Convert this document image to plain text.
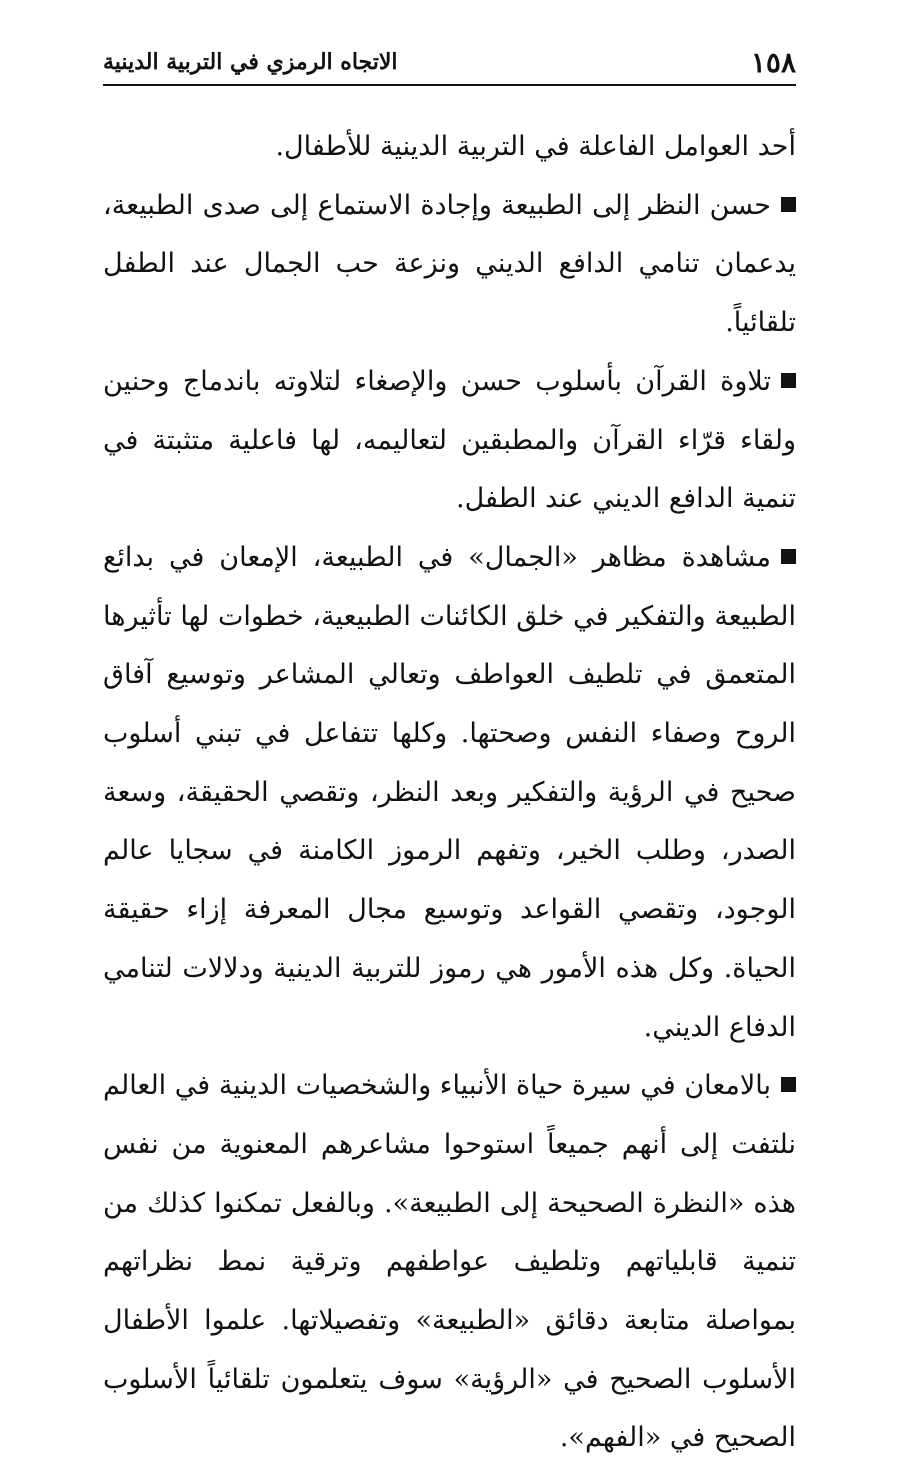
١٥٨
الاتجاه الرمزي في التربية الدينية

أحد العوامل الفاعلة في التربية الدينية للأطفال.

حسن النظر إلى الطبيعة وإجادة الاستماع إلى صدى الطبيعة، يدعمان تنامي الدافع الديني ونزعة حب الجمال عند الطفل تلقائياً.

تلاوة القرآن بأسلوب حسن والإصغاء لتلاوته باندماج وحنين ولقاء قرّاء القرآن والمطبقين لتعاليمه، لها فاعلية متثبتة في تنمية الدافع الديني عند الطفل.

مشاهدة مظاهر «الجمال» في الطبيعة، الإمعان في بدائع الطبيعة والتفكير في خلق الكائنات الطبيعية، خطوات لها تأثيرها المتعمق في تلطيف العواطف وتعالي المشاعر وتوسيع آفاق الروح وصفاء النفس وصحتها. وكلها تتفاعل في تبني أسلوب صحيح في الرؤية والتفكير وبعد النظر، وتقصي الحقيقة، وسعة الصدر، وطلب الخير، وتفهم الرموز الكامنة في سجايا عالم الوجود، وتقصي القواعد وتوسيع مجال المعرفة إزاء حقيقة الحياة. وكل هذه الأمور هي رموز للتربية الدينية ودلالات لتنامي الدفاع الديني.

بالامعان في سيرة حياة الأنبياء والشخصيات الدينية في العالم نلتفت إلى أنهم جميعاً استوحوا مشاعرهم المعنوية من نفس هذه «النظرة الصحيحة إلى الطبيعة». وبالفعل تمكنوا كذلك من تنمية قابلياتهم وتلطيف عواطفهم وترقية نمط نظراتهم بمواصلة متابعة دقائق «الطبيعة» وتفصيلاتها. علموا الأطفال الأسلوب الصحيح في «الرؤية» سوف يتعلمون تلقائياً الأسلوب الصحيح في «الفهم».
